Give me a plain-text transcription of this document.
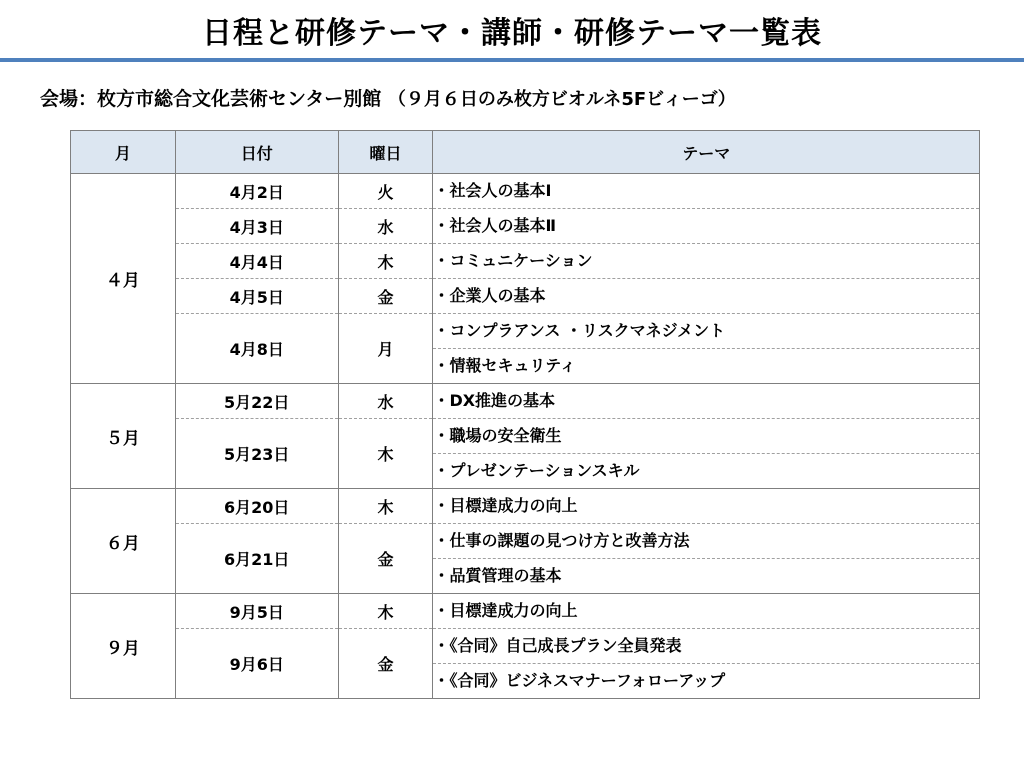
日程と研修テーマ・講師・研修テーマ一覧表
会場：枚方市総合文化芸術センター別館 （９月６日のみ枚方ビオルネ5Fビィーゴ）
月	日付	曜日	テーマ
４月	4月2日	火	・社会人の基本Ⅰ

	4月3日	水	・社会人の基本Ⅱ

	4月4日	木	・コミュニケーション

	4月5日	金	・企業人の基本

	4月8日	月	・コンプラアンス ・リスクマネジメント
・情報セキュリティ

５月	5月22日	水	・DX推進の基本

	5月23日	木	・職場の安全衛生
・プレゼンテーションスキル

６月	6月20日	木	・目標達成力の向上

	6月21日	金	・仕事の課題の見つけ方と改善方法
・品質管理の基本

９月	9月5日	木	・目標達成力の向上

	9月6日	金	・《合同》自己成長プラン全員発表
・《合同》ビジネスマナーフォローアップ
